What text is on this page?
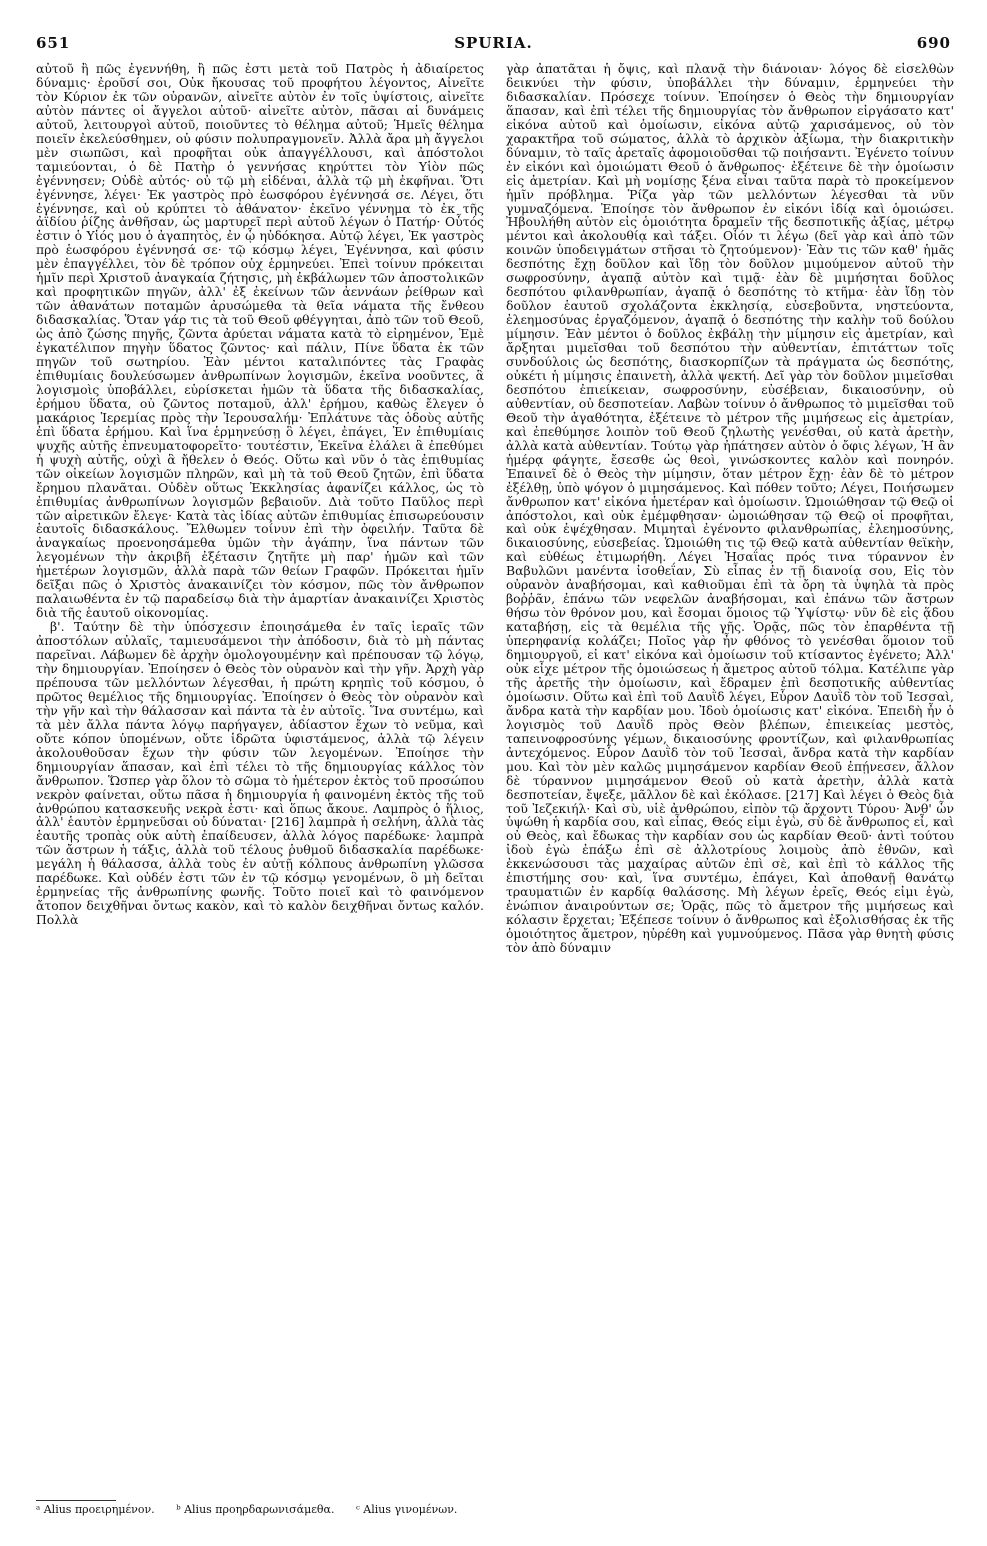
651	SPURIA.	690

αὐτοῦ ἢ πῶς ἐγεννήθη, ἢ πῶς ἐστι μετὰ τοῦ Πατρὸς ἡ ἀδιαίρετος δύναμις· ἐροῦσί σοι, Οὐκ ἤκουσας τοῦ προφήτου λέγοντος, Αἰνεῖτε τὸν Κύριον ἐκ τῶν οὐρανῶν, αἰνεῖτε αὐτὸν ἐν τοῖς ὑψίστοις, αἰνεῖτε αὐτὸν πάντες οἱ ἄγγελοι αὐτοῦ· αἰνεῖτε αὐτὸν, πᾶσαι αἱ δυνάμεις αὐτοῦ, λειτουργοὶ αὐτοῦ, ποιοῦντες τὸ θέλημα αὐτοῦ; Ἡμεῖς θέλημα ποιεῖν ἐκελεύσθημεν, οὐ φύσιν πολυπραγμονεῖν. Ἀλλὰ ἄρα μὴ ἄγγελοι μὲν σιωπῶσι, καὶ προφῆται οὐκ ἀπαγγέλλουσι, καὶ ἀπόστολοι ταμιεύονται, ὁ δὲ Πατὴρ ὁ γεννήσας κηρύττει τὸν Υἱὸν πῶς ἐγέννησεν; Οὐδὲ αὐτός· οὐ τῷ μὴ εἰδέναι, ἀλλὰ τῷ μὴ ἐκφῆναι. Ὅτι ἐγέννησε, λέγει· Ἐκ γαστρὸς πρὸ ἑωσφόρου ἐγέννησά σε. Λέγει, ὅτι ἐγέννησε, καὶ οὐ κρύπτει τὸ ἀθάνατον· ἐκεῖνο γέννημα τὸ ἐκ τῆς ἀϊδίου ῥίζης ἀνθῆσαν, ὡς μαρτυρεῖ περὶ αὐτοῦ λέγων ὁ Πατήρ· Οὗτός ἐστιν ὁ Υἱός μου ὁ ἀγαπητὸς, ἐν ᾧ ηὐδόκησα. Αὐτῷ λέγει, Ἐκ γαστρὸς πρὸ ἑωσφόρου ἐγέννησά σε· τῷ κόσμῳ λέγει, Ἐγέννησα, καὶ φύσιν μὲν ἐπαγγέλλει, τὸν δὲ τρόπον οὐχ ἑρμηνεύει. Ἐπεὶ τοίνυν πρόκειται ἡμῖν περὶ Χριστοῦ ἀναγκαία ζήτησις, μὴ ἐκβάλωμεν τῶν ἀποστολικῶν καὶ προφητικῶν πηγῶν, ἀλλ' ἐξ ἐκείνων τῶν ἀεννάων ῥείθρων καὶ τῶν ἀθανάτων ποταμῶν ἀρυσώμεθα τὰ θεῖα νάματα τῆς ἔνθεου διδασκαλίας. Ὅταν γάρ τις τὰ τοῦ Θεοῦ φθέγγηται, ἀπὸ τῶν τοῦ Θεοῦ, ὡς ἀπὸ ζώσης πηγῆς, ζῶντα ἀρύεται νάματα κατὰ τὸ εἰρημένον, Ἐμὲ ἐγκατέλιπον πηγὴν ὕδατος ζῶντος· καὶ πάλιν, Πίνε ὕδατα ἐκ τῶν πηγῶν τοῦ σωτηρίου. Ἐὰν μέντοι καταλιπόντες τὰς Γραφὰς ἐπιθυμίαις δουλεύσωμεν ἀνθρωπίνων λογισμῶν, ἐκεῖνα νοοῦντες, ἃ λογισμοὶς ὑποβάλλει, εὑρίσκεται ἡμῶν τὰ ὕδατα τῆς διδασκαλίας, ἐρήμου ὕδατα, οὐ ζῶντος ποταμοῦ, ἀλλ' ἐρήμου, καθὼς ἔλεγεν ὁ μακάριος Ἱερεμίας πρὸς τὴν Ἱερουσαλήμ· Ἐπλάτυνε τὰς ὁδοὺς αὐτῆς ἐπὶ ὕδατα ἐρήμου. Καὶ ἵνα ἑρμηνεύσῃ ὃ λέγει, ἐπάγει, Ἐν ἐπιθυμίαις ψυχῆς αὐτῆς ἐπνευματοφορεῖτο· τουτέστιν, Ἐκεῖνα ἐλάλει ἃ ἐπεθύμει ἡ ψυχὴ αὐτῆς, οὐχὶ ἃ ἤθελεν ὁ Θεός. Οὕτω καὶ νῦν ὁ τὰς ἐπιθυμίας τῶν οἰκείων λογισμῶν πληρῶν, καὶ μὴ τὰ τοῦ Θεοῦ ζητῶν, ἐπὶ ὕδατα ἔρημου πλανᾶται. Οὐδὲν οὕτως Ἐκκλησίας ἀφανίζει κάλλος, ὡς τὸ ἐπιθυμίας ἀνθρωπίνων λογισμῶν βεβαιοῦν. Διὰ τοῦτο Παῦλος περὶ τῶν αἱρετικῶν ἔλεγε· Κατὰ τὰς ἰδίας αὐτῶν ἐπιθυμίας ἐπισωρεύουσιν ἑαυτοῖς διδασκάλους. Ἔλθωμεν τοίνυν ἐπὶ τὴν ὀφειλήν. Ταῦτα δὲ ἀναγκαίως προενοησάμεθα ὑμῶν τὴν ἀγάπην, ἵνα πάντων τῶν λεγομένων τὴν ἀκριβῆ ἐξέτασιν ζητῆτε μὴ παρ' ἡμῶν καὶ τῶν ἡμετέρων λογισμῶν, ἀλλὰ παρὰ τῶν θείων Γραφῶν. Πρόκειται ἡμῖν δεῖξαι πῶς ὁ Χριστὸς ἀνακαινίζει τὸν κόσμον, πῶς τὸν ἄνθρωπον παλαιωθέντα ἐν τῷ παραδείσῳ διὰ τὴν ἁμαρτίαν ἀνακαινίζει Χριστὸς διὰ τῆς ἑαυτοῦ οἰκονομίας.

β'. Ταύτην δὲ τὴν ὑπόσχεσιν ἐποιησάμεθα ἐν ταῖς ἱεραῖς τῶν ἀποστόλων αὐλαῖς, ταμιευσάμενοι τὴν ἀπόδοσιν, διὰ τὸ μὴ πάντας παρεῖναι. Λάβωμεν δὲ ἀρχὴν ὁμολογουμένην καὶ πρέπουσαν τῷ λόγῳ, τὴν δημιουργίαν. Ἐποίησεν ὁ Θεὸς τὸν οὐρανὸν καὶ τὴν γῆν. Ἀρχὴ γὰρ πρέπουσα τῶν μελλόντων λέγεσθαι, ἡ πρώτη κρηπὶς τοῦ κόσμου, ὁ πρῶτος θεμέλιος τῆς δημιουργίας. Ἐποίησεν ὁ Θεὸς τὸν οὐρανὸν καὶ τὴν γῆν καὶ τὴν θάλασσαν καὶ πάντα τὰ ἐν αὐτοῖς. Ἵνα συντέμω, καὶ τὰ μὲν ἄλλα πάντα λόγῳ παρήγαγεν, ἀδίαστον ἔχων τὸ νεῦμα, καὶ οὔτε κόπον ὑπομένων, οὔτε ἱδρῶτα ὑφιστάμενος, ἀλλὰ τῷ λέγειν ἀκολουθοῦσαν ἔχων τὴν φύσιν τῶν λεγομένων. Ἐποίησε τὴν δημιουργίαν ἅπασαν, καὶ ἐπὶ τέλει τὸ τῆς δημιουργίας κάλλος τὸν ἄνθρωπον. Ὥσπερ γὰρ ὅλον τὸ σῶμα τὸ ἡμέτερον ἐκτὸς τοῦ προσώπου νεκρὸν φαίνεται, οὕτω πᾶσα ἡ δημιουργία ἡ φαινομένη ἐκτὸς τῆς τοῦ ἀνθρώπου κατασκευῆς νεκρὰ ἐστι· καὶ ὅπως ἄκουε. Λαμπρὸς ὁ ἥλιος, ἀλλ' ἑαυτὸν ἑρμηνεῦσαι οὐ δύναται· [216] λαμπρὰ ἡ σελήνη, ἀλλὰ τὰς ἑαυτῆς τροπὰς οὐκ αὐτὴ ἐπαίδευσεν, ἀλλὰ λόγος παρέδωκε· λαμπρὰ τῶν ἄστρων ἡ τάξις, ἀλλὰ τοῦ τέλους ῥυθμοῦ διδασκαλία παρέδωκε· μεγάλη ἡ θάλασσα, ἀλλὰ τοὺς ἐν αὐτῇ κόλπους ἀνθρωπίνη γλῶσσα παρέδωκε. Καὶ οὐδέν ἐστι τῶν ἐν τῷ κόσμῳ γενομένων, ὃ μὴ δεῖται ἑρμηνείας τῆς ἀνθρωπίνης φωνῆς. Τοῦτο ποιεῖ καὶ τὸ φαινόμενον ἄτοπον δειχθῆναι ὄντως κακὸν, καὶ τὸ καλὸν δειχθῆναι ὄντως καλόν. Πολλὰ

γὰρ ἀπατᾶται ἡ ὄψις, καὶ πλανᾷ τὴν διάνοιαν· λόγος δὲ εἰσελθὼν δεικνύει τὴν φύσιν, ὑποβάλλει τὴν δύναμιν, ἑρμηνεύει τὴν διδασκαλίαν. Πρόσεχε τοίνυν. Ἐποίησεν ὁ Θεὸς τὴν δημιουργίαν ἅπασαν, καὶ ἐπὶ τέλει τῆς δημιουργίας τὸν ἄνθρωπον εἰργάσατο κατ' εἰκόνα αὐτοῦ καὶ ὁμοίωσιν, εἰκόνα αὐτῷ χαρισάμενος, οὐ τὸν χαρακτῆρα τοῦ σώματος, ἀλλὰ τὸ ἀρχικὸν ἀξίωμα, τὴν διακριτικὴν δύναμιν, τὸ ταῖς ἀρεταῖς ἀφομοιοῦσθαι τῷ ποιήσαντι. Ἐγένετο τοίνυν ἐν εἰκόνι καὶ ὁμοιώματι Θεοῦ ὁ ἄνθρωπος· ἐξέτεινε δὲ τὴν ὁμοίωσιν εἰς ἀμετρίαν. Καὶ μὴ νομίσῃς ξένα εἶναι ταῦτα παρὰ τὸ προκείμενον ἡμῖν πρόβλημα. Ῥίζα γὰρ τῶν μελλόντων λέγεσθαι τὰ νῦν γυμναζόμενα. Ἐποίησε τὸν ἄνθρωπον ἐν εἰκόνι ἰδίᾳ καὶ ὁμοιώσει. Ἠβουλήθη αὐτὸν εἰς ὁμοιότητα δραμεῖν τῆς δεσποτικῆς ἀξίας, μέτρῳ μέντοι καὶ ἀκολουθίᾳ καὶ τάξει. Οἷόν τι λέγω (δεῖ γὰρ καὶ ἀπὸ τῶν κοινῶν ὑποδειγμάτων στῆσαι τὸ ζητούμενον)· Ἐὰν τις τῶν καθ' ἡμᾶς δεσπότης ἔχῃ δοῦλον καὶ ἴδῃ τὸν δοῦλον μιμούμενον αὐτοῦ τὴν σωφροσύνην, ἀγαπᾷ αὐτὸν καὶ τιμᾷ· ἐὰν δὲ μιμήσηται δοῦλος δεσπότου φιλανθρωπίαν, ἀγαπᾷ ὁ δεσπότης τὸ κτῆμα· ἐὰν ἴδῃ τὸν δοῦλον ἑαυτοῦ σχολάζοντα ἐκκλησίᾳ, εὐσεβοῦντα, νηστεύοντα, ἐλεημοσύνας ἐργαζόμενον, ἀγαπᾷ ὁ δεσπότης τὴν καλὴν τοῦ δούλου μίμησιν. Ἐὰν μέντοι ὁ δοῦλος ἐκβάλῃ τὴν μίμησιν εἰς ἀμετρίαν, καὶ ἄρξηται μιμεῖσθαι τοῦ δεσπότου τὴν αὐθεντίαν, ἐπιτάττων τοῖς συνδούλοις ὡς δεσπότης, διασκορπίζων τὰ πράγματα ὡς δεσπότης, οὐκέτι ἡ μίμησις ἐπαινετὴ, ἀλλὰ ψεκτή. Δεῖ γὰρ τὸν δοῦλον μιμεῖσθαι δεσπότου ἐπιείκειαν, σωφροσύνην, εὐσέβειαν, δικαιοσύνην, οὐ αὐθεντίαν, οὐ δεσποτείαν. Λαβὼν τοίνυν ὁ ἄνθρωπος τὸ μιμεῖσθαι τοῦ Θεοῦ τὴν ἀγαθότητα, ἐξέτεινε τὸ μέτρον τῆς μιμήσεως εἰς ἀμετρίαν, καὶ ἐπεθύμησε λοιπὸν τοῦ Θεοῦ ζηλωτὴς γενέσθαι, οὐ κατὰ ἀρετὴν, ἀλλὰ κατὰ αὐθεντίαν. Τούτῳ γὰρ ἠπάτησεν αὐτὸν ὁ ὄφις λέγων, Ἡ ἂν ἡμέρᾳ φάγητε, ἔσεσθε ὡς θεοὶ, γινώσκοντες καλὸν καὶ πονηρόν. Ἐπαινεῖ δὲ ὁ Θεὸς τὴν μίμησιν, ὅταν μέτρον ἔχῃ· ἐὰν δὲ τὸ μέτρον ἐξέλθῃ, ὑπὸ ψόγον ὁ μιμησάμενος. Καὶ πόθεν τοῦτο; Λέγει, Ποιήσωμεν ἄνθρωπον κατ' εἰκόνα ἡμετέραν καὶ ὁμοίωσιν. Ὡμοιώθησαν τῷ Θεῷ οἱ ἀπόστολοι, καὶ οὐκ ἐμέμφθησαν· ὡμοιώθησαν τῷ Θεῷ οἱ προφῆται, καὶ οὐκ ἐψέχθησαν. Μιμηταὶ ἐγένοντο φιλανθρωπίας, ἐλεημοσύνης, δικαιοσύνης, εὐσεβείας. Ὡμοιώθη τις τῷ Θεῷ κατὰ αὐθεντίαν θεϊκὴν, καὶ εὐθέως ἐτιμωρήθη. Λέγει Ἡσαΐας πρός τινα τύραννον ἐν Βαβυλῶνι μανέντα ἰσοθεΐαν, Σὺ εἶπας ἐν τῇ διανοίᾳ σου, Εἰς τὸν οὐρανὸν ἀναβήσομαι, καὶ καθιοῦμαι ἐπὶ τὰ ὄρη τὰ ὑψηλὰ τὰ πρὸς βοῤῥᾶν, ἐπάνω τῶν νεφελῶν ἀναβήσομαι, καὶ ἐπάνω τῶν ἄστρων θήσω τὸν θρόνον μου, καὶ ἔσομαι ὅμοιος τῷ Ὑψίστῳ· νῦν δὲ εἰς ᾅδου καταβήσῃ, εἰς τὰ θεμέλια τῆς γῆς. Ὁρᾷς, πῶς τὸν ἐπαρθέντα τῇ ὑπερηφανίᾳ κολάζει; Ποῖος γὰρ ἦν φθόνος τὸ γενέσθαι ὅμοιον τοῦ δημιουργοῦ, εἰ κατ' εἰκόνα καὶ ὁμοίωσιν τοῦ κτίσαντος ἐγένετο; Ἀλλ' οὐκ εἶχε μέτρον τῆς ὁμοιώσεως ἡ ἄμετρος αὐτοῦ τόλμα. Κατέλιπε γὰρ τῆς ἀρετῆς τὴν ὁμοίωσιν, καὶ ἔδραμεν ἐπὶ δεσποτικῆς αὐθεντίας ὁμοίωσιν. Οὕτω καὶ ἐπὶ τοῦ Δαυῒδ λέγει, Εὗρον Δαυῒδ τὸν τοῦ Ἰεσσαὶ, ἄνδρα κατὰ τὴν καρδίαν μου. Ἰδοὺ ὁμοίωσις κατ' εἰκόνα. Ἐπειδὴ ἦν ὁ λογισμὸς τοῦ Δαυῒδ πρὸς Θεὸν βλέπων, ἐπιεικείας μεστὸς, ταπεινοφροσύνης γέμων, δικαιοσύνης φροντίζων, καὶ φιλανθρωπίας ἀντεχόμενος. Εὗρον Δαυῒδ τὸν τοῦ Ἰεσσαὶ, ἄνδρα κατὰ τὴν καρδίαν μου. Καὶ τὸν μὲν καλῶς μιμησάμενον καρδίαν Θεοῦ ἐπῄνεσεν, ἄλλον δὲ τύραννον μιμησάμενον Θεοῦ οὐ κατὰ ἀρετὴν, ἀλλὰ κατὰ δεσποτείαν, ἔψεξε, μᾶλλον δὲ καὶ ἐκόλασε. [217] Καὶ λέγει ὁ Θεὸς διὰ τοῦ Ἰεζεκιήλ· Καὶ σὺ, υἱὲ ἀνθρώπου, εἰπὸν τῷ ἄρχοντι Τύρου· Ἀνθ' ὧν ὑψώθη ἡ καρδία σου, καὶ εἶπας, Θεός εἰμι ἐγὼ, σὺ δὲ ἄνθρωπος εἶ, καὶ οὐ Θεὸς, καὶ ἔδωκας τὴν καρδίαν σου ὡς καρδίαν Θεοῦ· ἀντὶ τούτου ἰδοὺ ἐγὼ ἐπάξω ἐπὶ σὲ ἀλλοτρίους λοιμοὺς ἀπὸ ἐθνῶν, καὶ ἐκκενώσουσι τὰς μαχαίρας αὐτῶν ἐπὶ σὲ, καὶ ἐπὶ τὸ κάλλος τῆς ἐπιστήμης σου· καὶ, ἵνα συντέμω, ἐπάγει, Καὶ ἀποθανῇ θανάτῳ τραυματιῶν ἐν καρδίᾳ θαλάσσης. Μὴ λέγων ἐρεῖς, Θεός εἰμι ἐγὼ, ἐνώπιον ἀναιρούντων σε; Ὁρᾷς, πῶς τὸ ἄμετρον τῆς μιμήσεως καὶ κόλασιν ἔρχεται; Ἐξέπεσε τοίνυν ὁ ἄνθρωπος καὶ ἐξολισθήσας ἐκ τῆς ὁμοιότητος ἄμετρον, ηὑρέθη καὶ γυμνούμενος. Πᾶσα γὰρ θνητὴ φύσις τὸν ἀπὸ δύναμιν

ᵃ Alius προειρημένον. ᵇ Alius προηρδαρωνισάμεθα. ᶜ Alius γινομένων.
